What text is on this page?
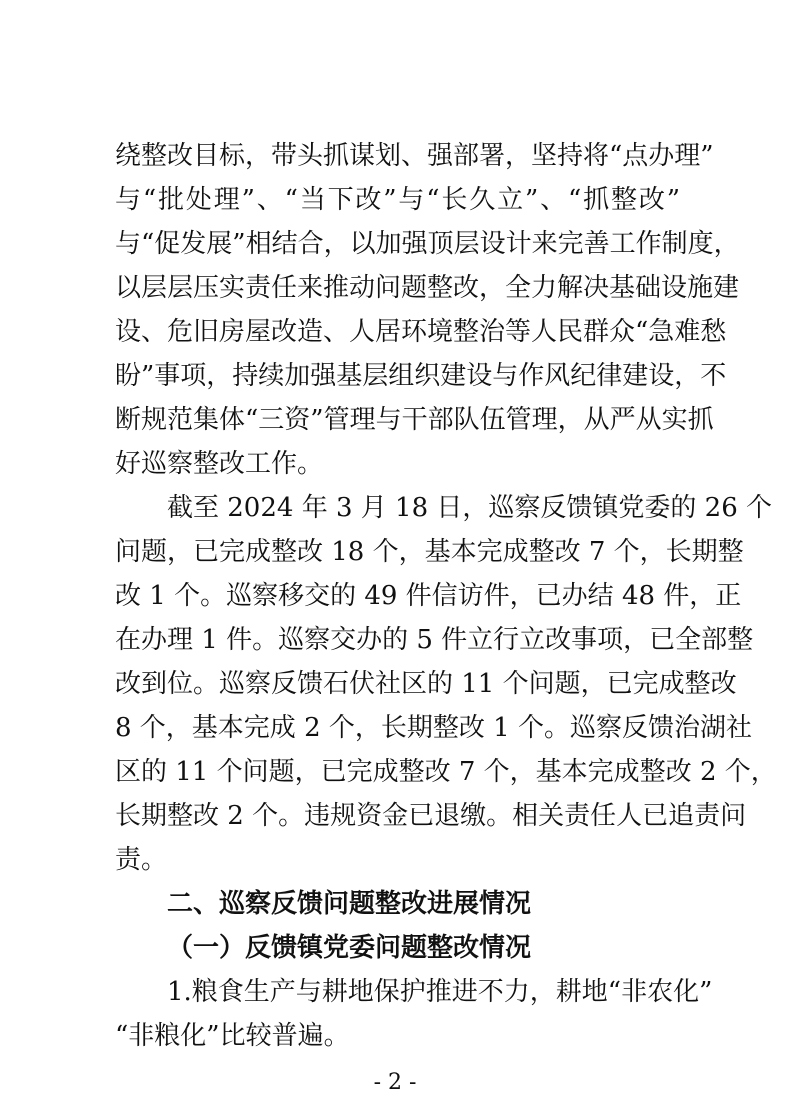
绕整改目标，带头抓谋划、强部署，坚持将“点办理”
与“批处理”、“当下改”与“长久立”、“抓整改”
与“促发展”相结合，以加强顶层设计来完善工作制度，
以层层压实责任来推动问题整改，全力解决基础设施建
设、危旧房屋改造、人居环境整治等人民群众“急难愁
盼”事项，持续加强基层组织建设与作风纪律建设，不
断规范集体“三资”管理与干部队伍管理，从严从实抓
好巡察整改工作。
截至 2024 年 3 月 18 日，巡察反馈镇党委的 26 个
问题，已完成整改 18 个，基本完成整改 7 个，长期整
改 1 个。巡察移交的 49 件信访件，已办结 48 件，正
在办理 1 件。巡察交办的 5 件立行立改事项，已全部整
改到位。巡察反馈石伏社区的 11 个问题，已完成整改
8 个，基本完成 2 个，长期整改 1 个。巡察反馈治湖社
区的 11 个问题，已完成整改 7 个，基本完成整改 2 个，
长期整改 2 个。违规资金已退缴。相关责任人已追责问
责。
二、巡察反馈问题整改进展情况
（一）反馈镇党委问题整改情况
1.粮食生产与耕地保护推进不力，耕地“非农化”
“非粮化”比较普遍。
- 2 -
